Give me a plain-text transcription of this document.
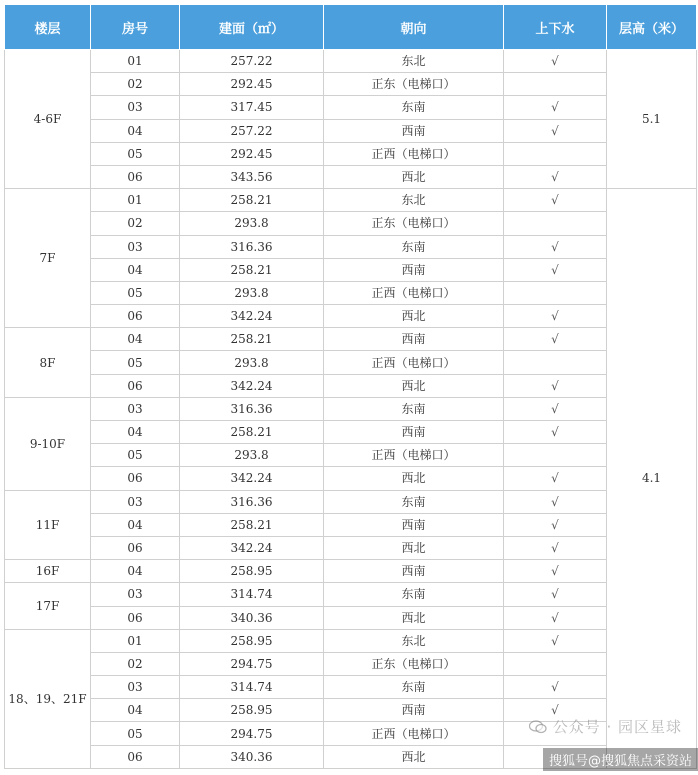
楼层	房号	建面（㎡）	朝向	上下水	层高（米）
4-6F	01	257.22	东北	√	5.1
	02	292.45	正东（电梯口）		
	03	317.45	东南	√	
	04	257.22	西南	√	
	05	292.45	正西（电梯口）		
	06	343.56	西北	√	
7F	01	258.21	东北	√	4.1
	02	293.8	正东（电梯口）		
	03	316.36	东南	√	
	04	258.21	西南	√	
	05	293.8	正西（电梯口）		
	06	342.24	西北	√	
8F	04	258.21	西南	√	
	05	293.8	正西（电梯口）		
	06	342.24	西北	√	
9-10F	03	316.36	东南	√	
	04	258.21	西南	√	
	05	293.8	正西（电梯口）		
	06	342.24	西北	√	
11F	03	316.36	东南	√	
	04	258.21	西南	√	
	06	342.24	西北	√	
16F	04	258.95	西南	√	
17F	03	314.74	东南	√	
	06	340.36	西北	√	
18、19、21F	01	258.95	东北	√	
	02	294.75	正东（电梯口）		
	03	314.74	东南	√	
	04	258.95	西南	√	
	05	294.75	正西（电梯口）		
	06	340.36	西北		
公众号 · 园区星球
搜狐号@搜狐焦点采资站
